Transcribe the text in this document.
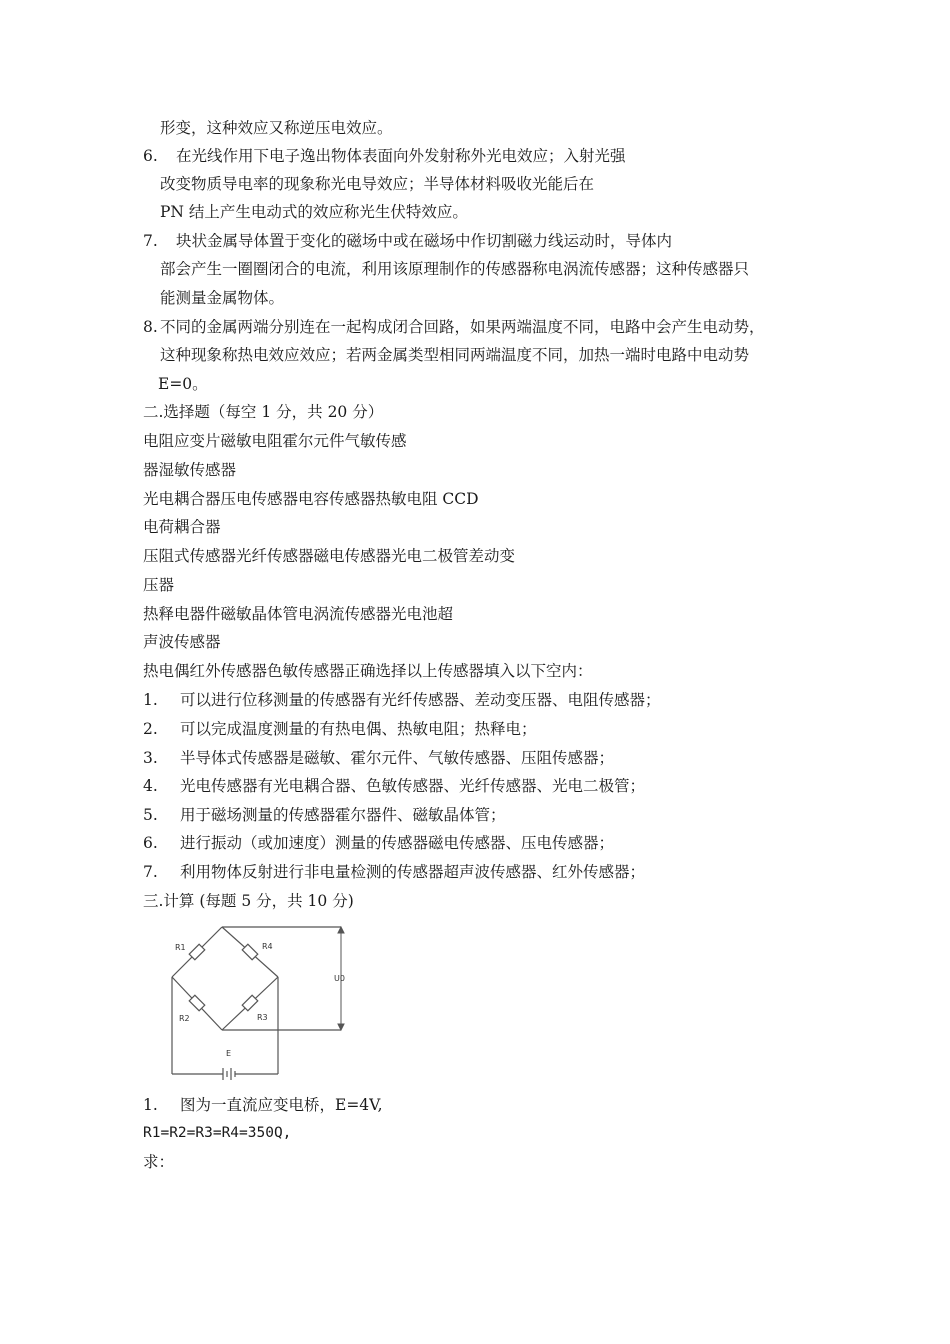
形变，这种效应又称逆压电效应。
6. 在光线作用下电子逸出物体表面向外发射称外光电效应；入射光强
改变物质导电率的现象称光电导效应；半导体材料吸收光能后在
PN 结上产生电动式的效应称光生伏特效应。
7. 块状金属导体置于变化的磁场中或在磁场中作切割磁力线运动时，导体内
部会产生一圈圈闭合的电流，利用该原理制作的传感器称电涡流传感器；这种传感器只
能测量金属物体。
8. 不同的金属两端分别连在一起构成闭合回路，如果两端温度不同，电路中会产生电动势，
这种现象称热电效应效应；若两金属类型相同两端温度不同，加热一端时电路中电动势
E=0。
二.选择题（每空 1 分，共 20 分）
电阻应变片磁敏电阻霍尔元件气敏传感
器湿敏传感器
光电耦合器压电传感器电容传感器热敏电阻 CCD
电荷耦合器
压阻式传感器光纤传感器磁电传感器光电二极管差动变
压器
热释电器件磁敏晶体管电涡流传感器光电池超
声波传感器
热电偶红外传感器色敏传感器正确选择以上传感器填入以下空内：
1. 可以进行位移测量的传感器有光纤传感器、差动变压器、电阻传感器；
2. 可以完成温度测量的有热电偶、热敏电阻；热释电；
3. 半导体式传感器是磁敏、霍尔元件、气敏传感器、压阻传感器；
4. 光电传感器有光电耦合器、色敏传感器、光纤传感器、光电二极管；
5. 用于磁场测量的传感器霍尔器件、磁敏晶体管；
6. 进行振动（或加速度）测量的传感器磁电传感器、压电传感器；
7. 利用物体反射进行非电量检测的传感器超声波传感器、红外传感器；
三.计算 (每题 5 分，共 10 分)
R1	R4
R2	R3
U0
E
1. 图为一直流应变电桥，E=4V,
R1=R2=R3=R4=350Q,
求：
